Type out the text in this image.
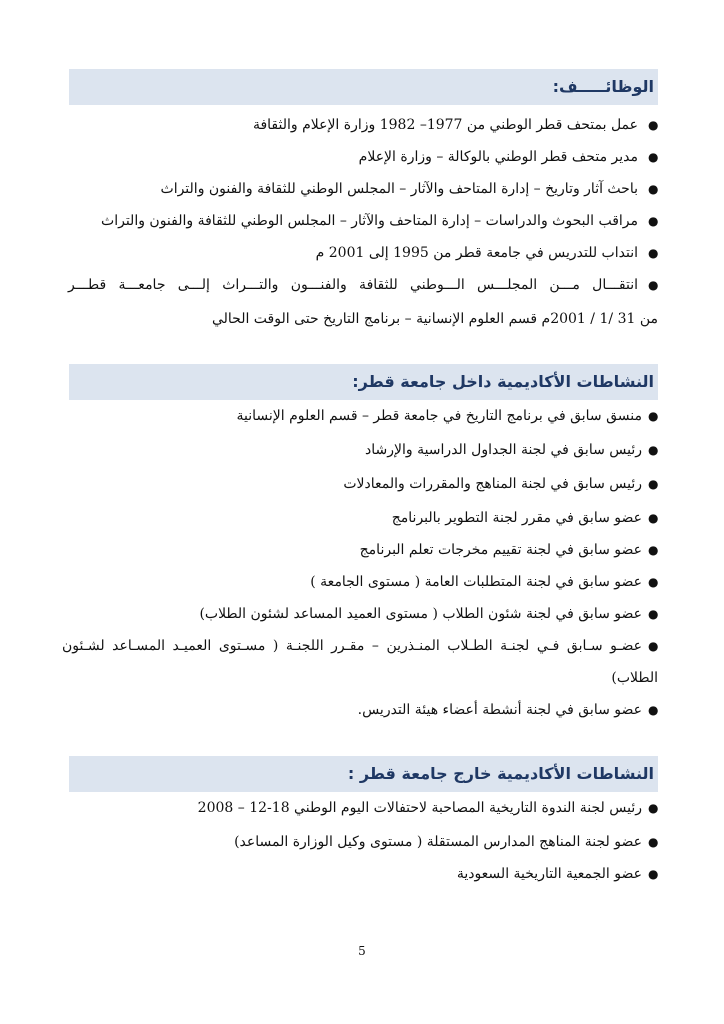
الوظائـــــف:
●
عمل بمتحف قطر الوطني من 1977– 1982 وزارة الإعلام والثقافة
●
مدير متحف قطر الوطني بالوكالة – وزارة الإعلام
●
باحث آثار وتاريخ – إدارة المتاحف والآثار – المجلس الوطني للثقافة والفنون والتراث
●
مراقب البحوث والدراسات – إدارة المتاحف والآثار – المجلس الوطني للثقافة والفنون والتراث
●
انتداب للتدريس في جامعة قطر من 1995 إلى 2001 م
●
انتقـــال مـــن المجلـــس الـــوطني للثقافة والفنـــون والتـــراث إلـــى جامعـــة قطـــر
من 31 /1 / 2001م قسم العلوم الإنسانية – برنامج التاريخ حتى الوقت الحالي
النشاطات الأكاديمية داخل جامعة قطر:
●
منسق سابق في برنامج التاريخ في جامعة قطر – قسم العلوم الإنسانية
●
رئيس سابق في لجنة الجداول الدراسية والإرشاد
●
رئيس سابق في لجنة المناهج والمقررات والمعادلات
●
عضو سابق في مقرر لجنة التطوير بالبرنامج
●
عضو سابق في لجنة تقييم مخرجات تعلم البرنامج
●
عضو سابق في لجنة المتطلبات العامة ( مستوى الجامعة )
●
عضو سابق في لجنة شئون الطلاب ( مستوى العميد المساعد لشئون الطلاب)
●
عضـو سـابق فـي لجنـة الطـلاب المنـذرين – مقـرر اللجنـة ( مسـتوى العميـد المسـاعد لشـئون
الطلاب)
●
عضو سابق في لجنة أنشطة أعضاء هيئة التدريس.
النشاطات الأكاديمية خارج جامعة قطر :
●
رئيس لجنة الندوة التاريخية المصاحبة لاحتفالات اليوم الوطني 18-12 – 2008
●
عضو لجنة المناهج المدارس المستقلة ( مستوى وكيل الوزارة المساعد)
●
عضو الجمعية التاريخية السعودية
5
